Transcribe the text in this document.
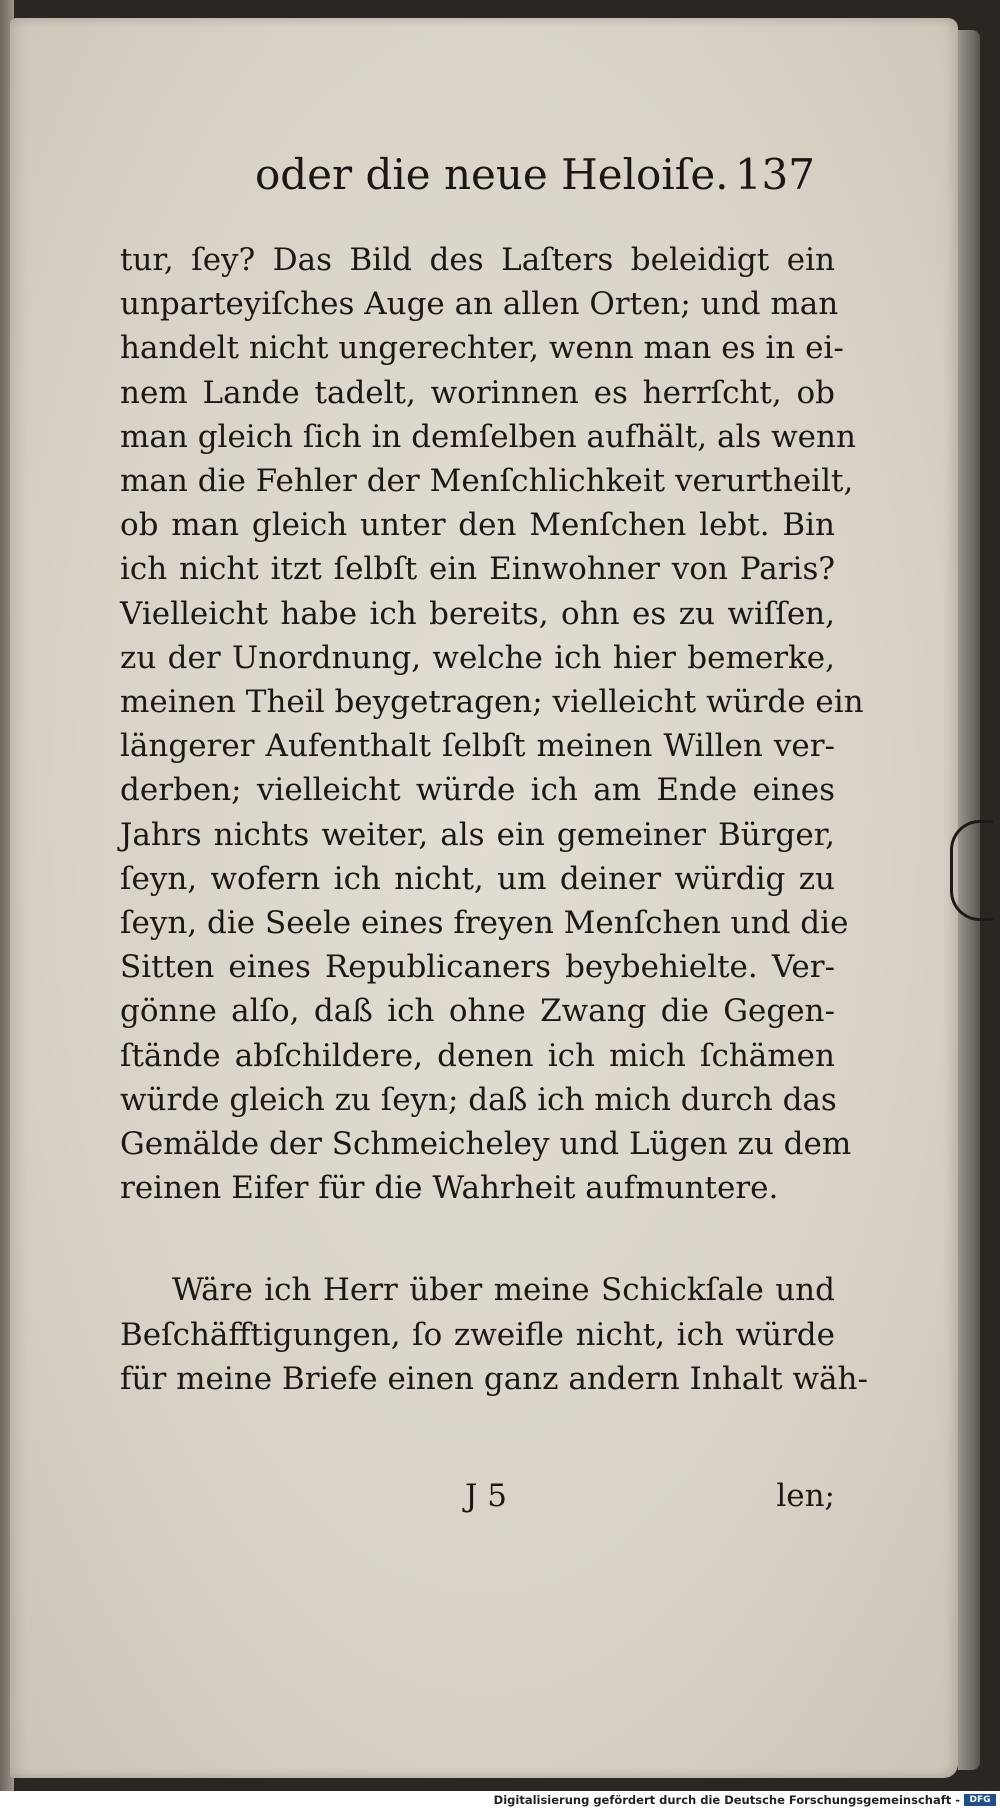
oder die neue Heloiſe. 137
tur, ſey? Das Bild des Laſters beleidigt ein
unparteyiſches Auge an allen Orten; und man
handelt nicht ungerechter, wenn man es in ei-
nem Lande tadelt, worinnen es herrſcht, ob
man gleich ſich in demſelben aufhält, als wenn
man die Fehler der Menſchlichkeit verurtheilt,
ob man gleich unter den Menſchen lebt. Bin
ich nicht itzt ſelbſt ein Einwohner von Paris?
Vielleicht habe ich bereits, ohn es zu wiſſen,
zu der Unordnung, welche ich hier bemerke,
meinen Theil beygetragen; vielleicht würde ein
längerer Aufenthalt ſelbſt meinen Willen ver-
derben; vielleicht würde ich am Ende eines
Jahrs nichts weiter, als ein gemeiner Bürger,
ſeyn, wofern ich nicht, um deiner würdig zu
ſeyn, die Seele eines freyen Menſchen und die
Sitten eines Republicaners beybehielte. Ver-
gönne alſo, daß ich ohne Zwang die Gegen-
ſtände abſchildere, denen ich mich ſchämen
würde gleich zu ſeyn; daß ich mich durch das
Gemälde der Schmeicheley und Lügen zu dem
reinen Eifer für die Wahrheit aufmuntere.
Wäre ich Herr über meine Schickſale und
Beſchäfftigungen, ſo zweifle nicht, ich würde
für meine Briefe einen ganz andern Inhalt wäh-
J 5	len;
Digitalisierung gefördert durch die Deutsche Forschungsgemeinschaft -	DFG
